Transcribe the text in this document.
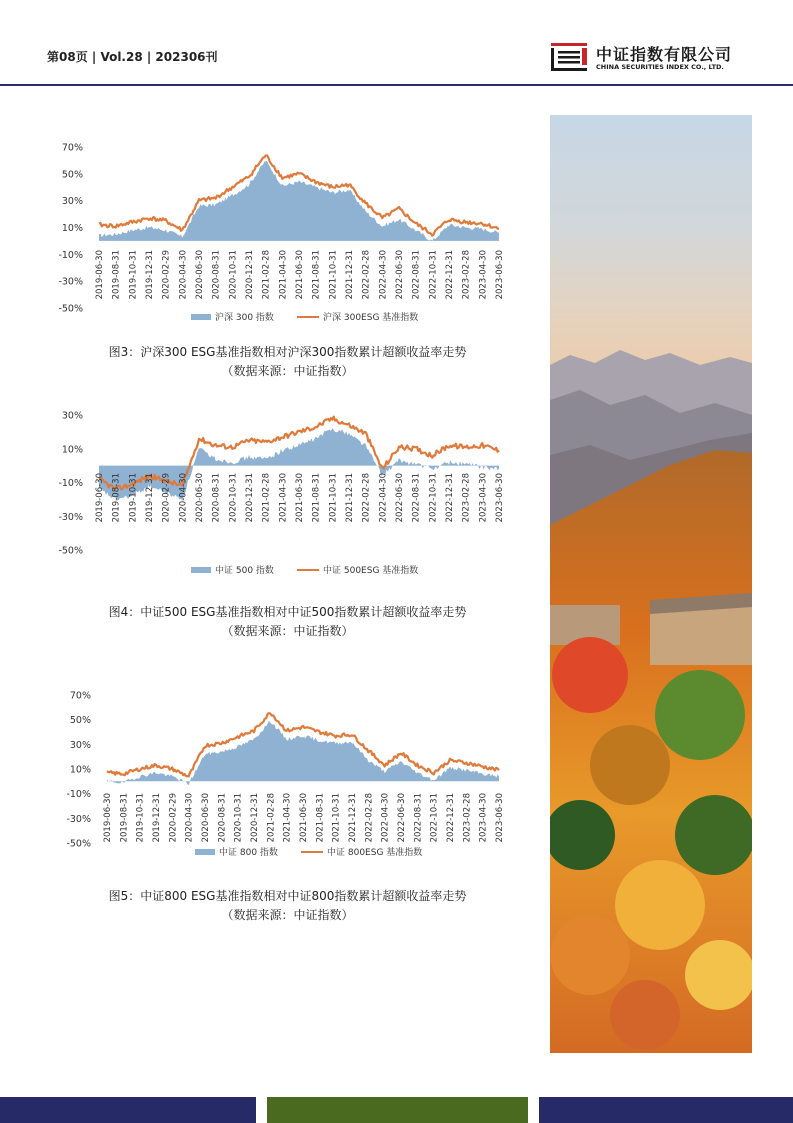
第08页 | Vol.28 | 202306刊	中证指数有限公司
CHINA SECURITIES INDEX CO., LTD.
70%
50%
30%
10%
-10%
-30%
-50%
2019-06-30 2019-08-31 2019-10-31 2019-12-31 2020-02-29 2020-04-30 2020-06-30 2020-08-31 2020-10-31 2020-12-31 2021-02-28 2021-04-30 2021-06-30 2021-08-31 2021-10-31 2021-12-31 2022-02-28 2022-04-30 2022-06-30 2022-08-31 2022-10-31 2022-12-31 2023-02-28 2023-04-30 2023-06-30
沪深 300 指数	沪深 300ESG 基准指数
图3：沪深300 ESG基准指数相对沪深300指数累计超额收益率走势
（数据来源：中证指数）
30%
10%
-10%
-30%
-50%
2019-06-30 2019-08-31 2019-10-31 2019-12-31 2020-02-29 2020-04-30 2020-06-30 2020-08-31 2020-10-31 2020-12-31 2021-02-28 2021-04-30 2021-06-30 2021-08-31 2021-10-31 2021-12-31 2022-02-28 2022-04-30 2022-06-30 2022-08-31 2022-10-31 2022-12-31 2023-02-28 2023-04-30 2023-06-30
中证 500 指数	中证 500ESG 基准指数
图4：中证500 ESG基准指数相对中证500指数累计超额收益率走势
（数据来源：中证指数）
70%
50%
30%
10%
-10%
-30%
-50%
2019-06-30 2019-08-31 2019-10-31 2019-12-31 2020-02-29 2020-04-30 2020-06-30 2020-08-31 2020-10-31 2020-12-31 2021-02-28 2021-04-30 2021-06-30 2021-08-31 2021-10-31 2021-12-31 2022-02-28 2022-04-30 2022-06-30 2022-08-31 2022-10-31 2022-12-31 2023-02-28 2023-04-30 2023-06-30
中证 800 指数	中证 800ESG 基准指数
图5：中证800 ESG基准指数相对中证800指数累计超额收益率走势
（数据来源：中证指数）
